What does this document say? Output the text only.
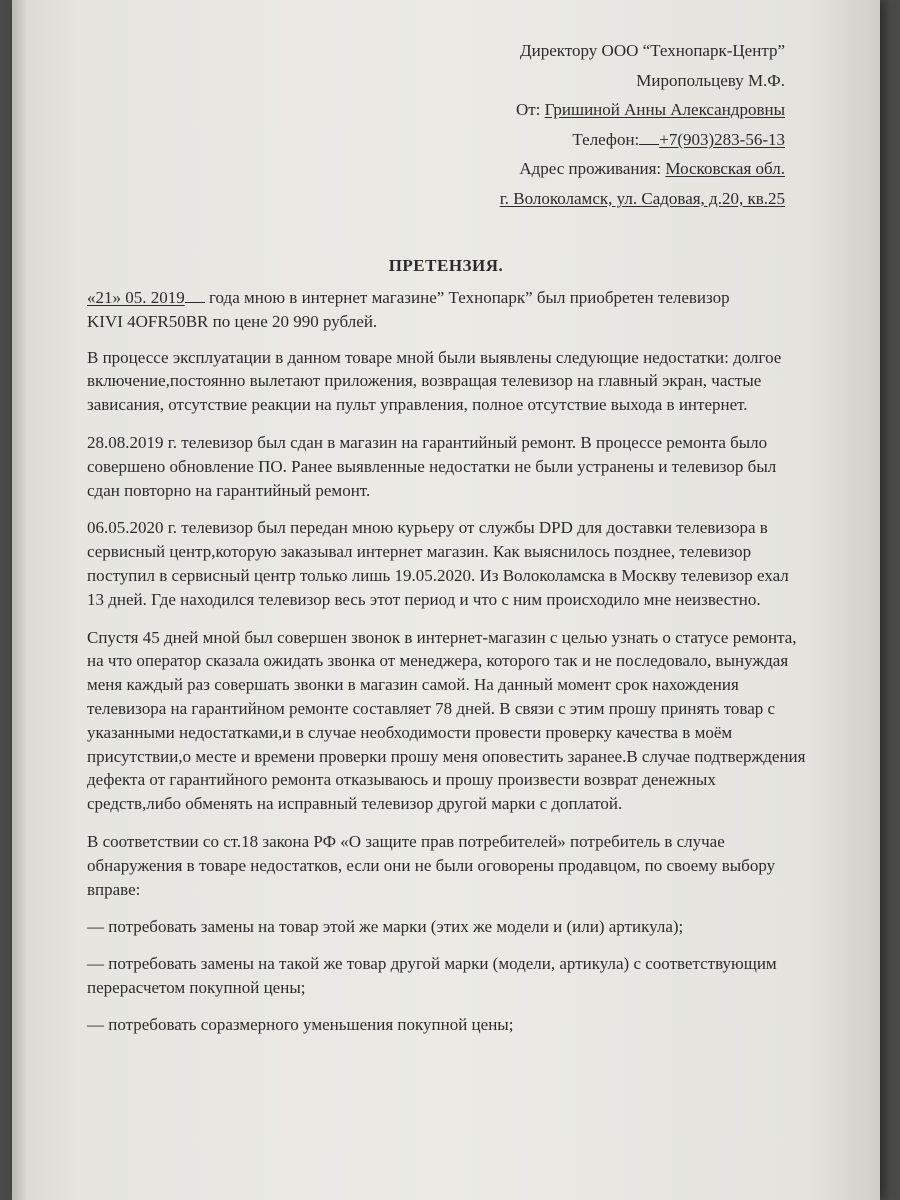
Директору ООО “Технопарк-Центр”
Миропольцеву М.Ф.
От: Гришиной Анны Александровны
Телефон: +7(903)283-56-13
Адрес проживания: Московская обл.
г. Волоколамск, ул. Садовая, д.20, кв.25
ПРЕТЕНЗИЯ.

«21» 05. 2019 года мною в интернет магазине” Технопарк” был приобретен телевизор
KIVI 4OFR50BR по цене 20 990 рублей.

В процессе эксплуатации в данном товаре мной были выявлены следующие недостатки: долгое включение,постоянно вылетают приложения, возвращая телевизор на главный экран, частые зависания, отсутствие реакции на пульт управления, полное отсутствие выхода в интернет.

28.08.2019 г. телевизор был сдан в магазин на гарантийный ремонт. В процессе ремонта было совершено обновление ПО. Ранее выявленные недостатки не были устранены и телевизор был сдан повторно на гарантийный ремонт.

06.05.2020 г. телевизор был передан мною курьеру от службы DPD для доставки телевизора в сервисный центр,которую заказывал интернет магазин. Как выяснилось позднее, телевизор поступил в сервисный центр только лишь 19.05.2020. Из Волоколамска в Москву телевизор ехал 13 дней. Где находился телевизор весь этот период и что с ним происходило мне неизвестно.

Спустя 45 дней мной был совершен звонок в интернет-магазин с целью узнать о статусе ремонта, на что оператор сказала ожидать звонка от менеджера, которого так и не последовало, вынуждая меня каждый раз совершать звонки в магазин самой. На данный момент срок нахождения телевизора на гарантийном ремонте составляет 78 дней. В связи с этим прошу принять товар с указанными недостатками,и в случае необходимости провести проверку качества в моём присутствии,о месте и времени проверки прошу меня оповестить заранее.В случае подтверждения дефекта от гарантийного ремонта отказываюсь и прошу произвести возврат денежных средств,либо обменять на исправный телевизор другой марки с доплатой.

В соответствии со ст.18 закона РФ «О защите прав потребителей» потребитель в случае обнаружения в товаре недостатков, если они не были оговорены продавцом, по своему выбору вправе:

— потребовать замены на товар этой же марки (этих же модели и (или) артикула);

— потребовать замены на такой же товар другой марки (модели, артикула) с соответствующим перерасчетом покупной цены;

— потребовать соразмерного уменьшения покупной цены;
